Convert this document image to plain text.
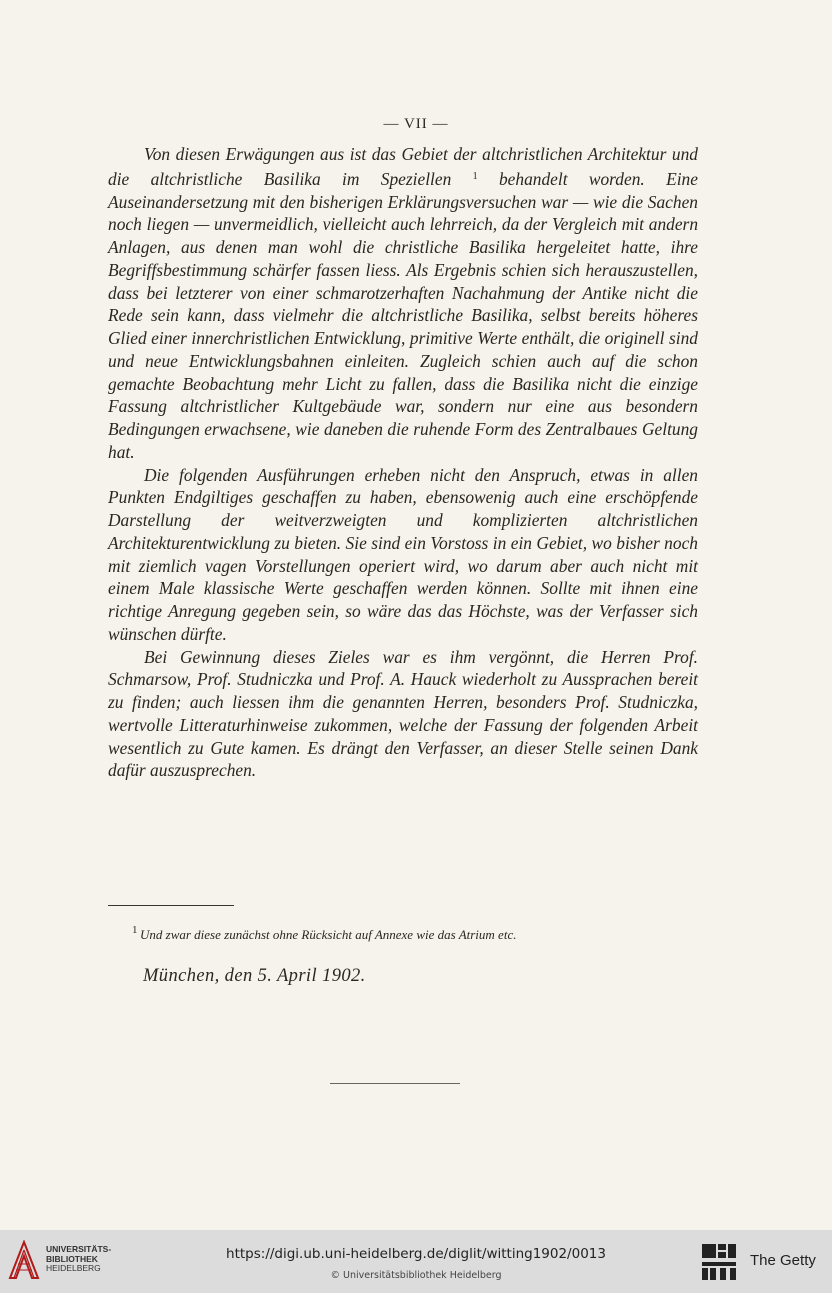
— VII —

Von diesen Erwägungen aus ist das Gebiet der altchristlichen Architektur und die altchristliche Basilika im Speziellen $^1$ behandelt worden. Eine Auseinandersetzung mit den bisherigen Erklärungsversuchen war — wie die Sachen noch liegen — unvermeidlich, vielleicht auch lehrreich, da der Vergleich mit andern Anlagen, aus denen man wohl die christliche Basilika hergeleitet hatte, ihre Begriffsbestimmung schärfer fassen liess. Als Ergebnis schien sich herauszustellen, dass bei letzterer von einer schmarotzerhaften Nachahmung der Antike nicht die Rede sein kann, dass vielmehr die altchristliche Basilika, selbst bereits höheres Glied einer innerchristlichen Entwicklung, primitive Werte enthält, die originell sind und neue Entwicklungsbahnen einleiten. Zugleich schien auch auf die schon gemachte Beobachtung mehr Licht zu fallen, dass die Basilika nicht die einzige Fassung altchristlicher Kultgebäude war, sondern nur eine aus besondern Bedingungen erwachsene, wie daneben die ruhende Form des Zentralbaues Geltung hat.

Die folgenden Ausführungen erheben nicht den Anspruch, etwas in allen Punkten Endgiltiges geschaffen zu haben, ebensowenig auch eine erschöpfende Darstellung der weitverzweigten und komplizierten altchristlichen Architekturentwicklung zu bieten. Sie sind ein Vorstoss in ein Gebiet, wo bisher noch mit ziemlich vagen Vorstellungen operiert wird, wo darum aber auch nicht mit einem Male klassische Werte geschaffen werden können. Sollte mit ihnen eine richtige Anregung gegeben sein, so wäre das das Höchste, was der Verfasser sich wünschen dürfte.

Bei Gewinnung dieses Zieles war es ihm vergönnt, die Herren Prof. Schmarsow, Prof. Studniczka und Prof. A. Hauck wiederholt zu Aussprachen bereit zu finden; auch liessen ihm die genannten Herren, besonders Prof. Studniczka, wertvolle Litteraturhinweise zukommen, welche der Fassung der folgenden Arbeit wesentlich zu Gute kamen. Es drängt den Verfasser, an dieser Stelle seinen Dank dafür auszusprechen.

1 Und zwar diese zunächst ohne Rücksicht auf Annexe wie das Atrium etc.
München, den 5. April 1902.
UNIVERSITÄTS-
BIBLIOTHEK
HEIDELBERG
https://digi.ub.uni-heidelberg.de/diglit/witting1902/0013
© Universitätsbibliothek Heidelberg
The Getty
